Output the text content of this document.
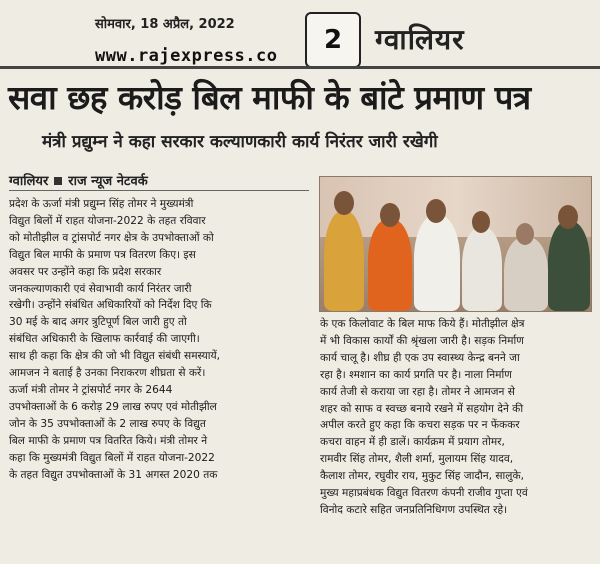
सोमवार, 18 अप्रैल, 2022
www.rajexpress.co
2	ग्वालियर
सवा छह करोड़ बिल माफी के बांटे प्रमाण पत्र
मंत्री प्रद्युम्न ने कहा सरकार कल्याणकारी कार्य निरंतर जारी रखेगी
ग्वालियर राज न्यूज नेटवर्क

प्रदेश के ऊर्जा मंत्री प्रद्युम्न सिंह तोमर ने मुख्यमंत्री

विद्युत बिलों में राहत योजना-2022 के तहत रविवार

को मोतीझील व ट्रांसपोर्ट नगर क्षेत्र के उपभोक्ताओं को

विद्युत बिल माफी के प्रमाण पत्र वितरण किए। इस

अवसर पर उन्होंने कहा कि प्रदेश सरकार

जनकल्याणकारी एवं सेवाभावी कार्य निरंतर जारी

रखेगी। उन्होंने संबंधित अधिकारियों को निर्देश दिए कि

30 मई के बाद अगर त्रुटिपूर्ण बिल जारी हुए तो

संबंधित अधिकारी के खिलाफ कार्रवाई की जाएगी।

साथ ही कहा कि क्षेत्र की जो भी विद्युत संबंधी समस्यायें,

आमजन ने बताई है उनका निराकरण शीघ्रता से करें।

ऊर्जा मंत्री तोमर ने ट्रांसपोर्ट नगर के 2644

उपभोक्ताओं के 6 करोड़ 29 लाख रुपए एवं मोतीझील

जोन के 35 उपभोक्ताओं के 2 लाख रुपए के विद्युत

बिल माफी के प्रमाण पत्र वितरित किये। मंत्री तोमर ने

कहा कि मुख्यमंत्री विद्युत बिलों में राहत योजना-2022

के तहत विद्युत उपभोक्ताओं के 31 अगस्त 2020 तक

के एक किलोवाट के बिल माफ किये हैं। मोतीझील क्षेत्र

में भी विकास कार्यों की श्रृंखला जारी है। सड़क निर्माण

कार्य चालू है। शीघ्र ही एक उप स्वास्थ्य केन्द्र बनने जा

रहा है। श्मशान का कार्य प्रगति पर है। नाला निर्माण

कार्य तेजी से कराया जा रहा है। तोमर ने आमजन से

शहर को साफ व स्वच्छ बनाये रखने में सहयोग देने की

अपील करते हुए कहा कि कचरा सड़क पर न फेंककर

कचरा वाहन में ही डालें। कार्यक्रम में प्रयाग तोमर,

रामवीर सिंह तोमर, शैली शर्मा, मुलायम सिंह यादव,

कैलाश तोमर, रघुवीर राय, मुकुट सिंह जादौन, सालुके,

मुख्य महाप्रबंधक विद्युत वितरण कंपनी राजीव गुप्ता एवं

विनोद कटारे सहित जनप्रतिनिधिगण उपस्थित रहे।
